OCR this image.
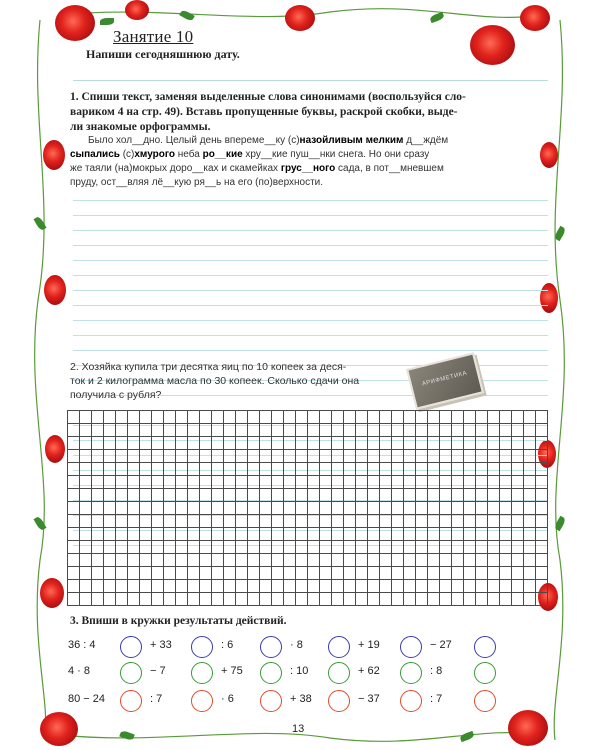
Занятие 10
Напиши сегодняшнюю дату.
1. Спиши текст, заменяя выделенные слова синонимами (воспользуйся сло-
вариком 4 на стр. 49). Вставь пропущенные буквы, раскрой скобки, выде-
ли знакомые орфограммы.
Было хол__дно. Целый день впереме__ку (с)назойливым мелким д__ждём
сыпались (с)хмурого неба ро__кие хру__кие пуш__нки снега. Но они сразу
же таяли (на)мокрых доро__ках и скамейках грус__ного сада, в пот__мневшем
пруду, ост__вляя лё__кую ря__ь на его (по)верхности.
2. Хозяйка купила три десятка яиц по 10 копеек за деся-
ток и 2 килограмма масла по 30 копеек. Сколько сдачи она
получила с рубля?
АРИФМЕТИКА
3. Впиши в кружки результаты действий.
36 : 4	+ 33	: 6	· 8	+ 19	− 27
4 · 8	− 7	+ 75	: 10	+ 62	: 8
80 − 24	: 7	· 6	+ 38	− 37	: 7
13
